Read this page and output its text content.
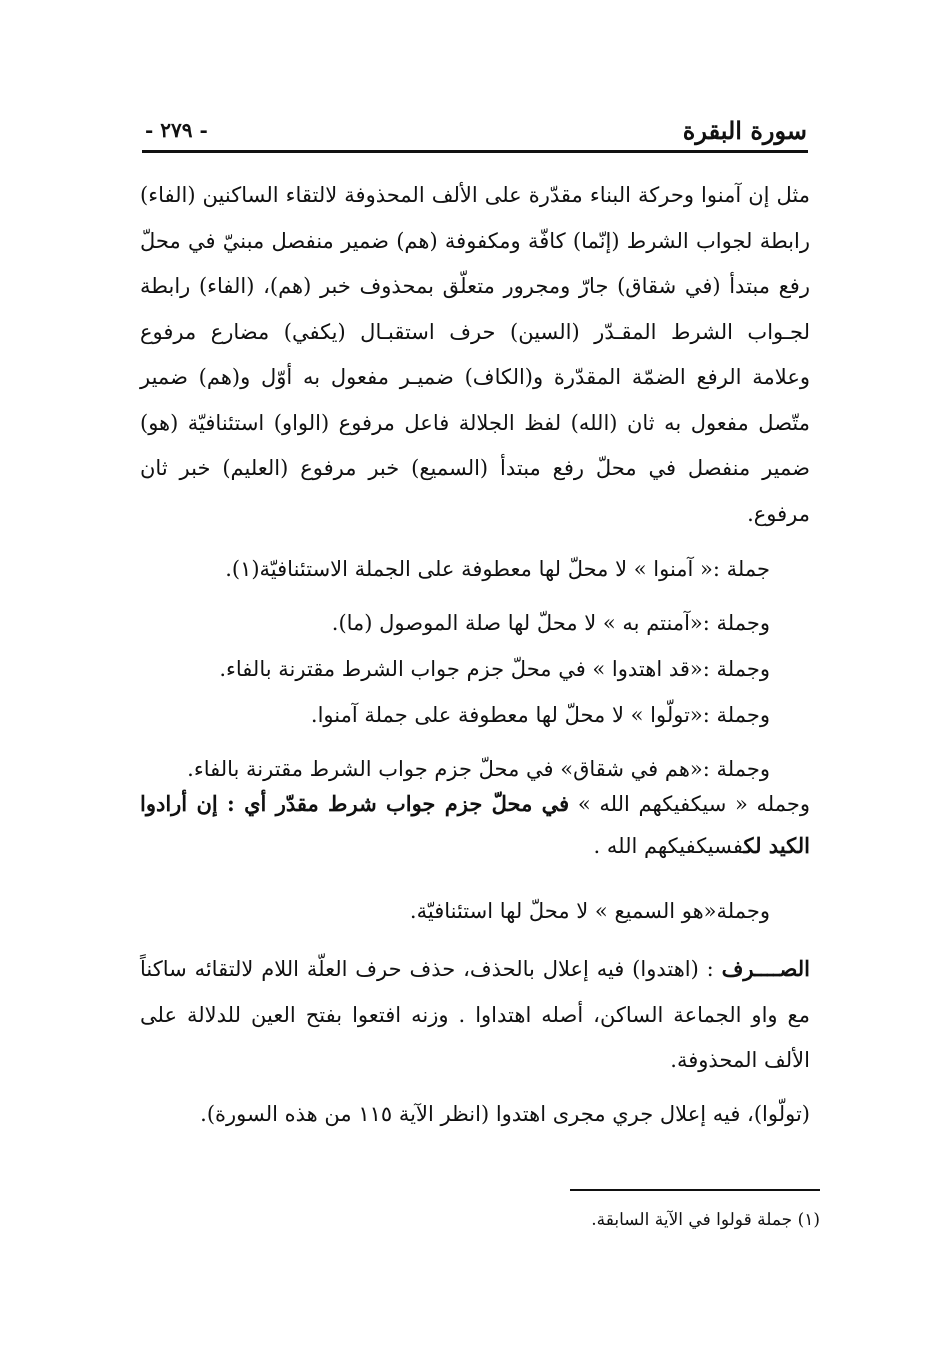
- ٢٧٩ -	سورة البقرة

مثل إن آمنوا وحركة البناء مقدّرة على الألف المحذوفة لالتقاء الساكنين (الفاء) رابطة لجواب الشرط (إنّما) كافّة ومكفوفة (هم) ضمير منفصل مبنيّ في محلّ رفع مبتدأ (في شقاق) جارّ ومجرور متعلّق بمحذوف خبر (هم)، (الفاء) رابطة لجـواب الشرط المقـدّر (السين) حرف استقبـال (يكفي) مضارع مرفوع وعلامة الرفع الضمّة المقدّرة و(الكاف) ضميـر مفعول به أوّل و(هم) ضمير متّصل مفعول به ثان (الله) لفظ الجلالة فاعل مرفوع (الواو) استئنافيّة (هو) ضمير منفصل في محلّ رفع مبتدأ (السميع) خبر مرفوع (العليم) خبر ثان مرفوع.

جملة :« آمنوا » لا محلّ لها معطوفة على الجملة الاستئنافيّة(١).

وجملة :«آمنتم به » لا محلّ لها صلة الموصول (ما).

وجملة :«قد اهتدوا » في محلّ جزم جواب الشرط مقترنة بالفاء.

وجملة :«تولّوا » لا محلّ لها معطوفة على جملة آمنوا.

وجملة :«هم في شقاق» في محلّ جزم جواب الشرط مقترنة بالفاء.

وجمله « سيكفيكهم الله » في محلّ جزم جواب شرط مقدّر أي : إن أرادوا الكيد لكفسيكفيكهم الله .

وجملة«هو السميع » لا محلّ لها استئنافيّة.

الصــــرف : (اهتدوا) فيه إعلال بالحذف، حذف حرف العلّة اللام لالتقائه ساكناً مع واو الجماعة الساكن، أصله اهتداوا . وزنه افتعوا بفتح العين للدلالة على الألف المحذوفة.

(تولّوا)، فيه إعلال جري مجرى اهتدوا (انظر الآية ١١٥ من هذه السورة).

(١) جملة قولوا في الآية السابقة.
